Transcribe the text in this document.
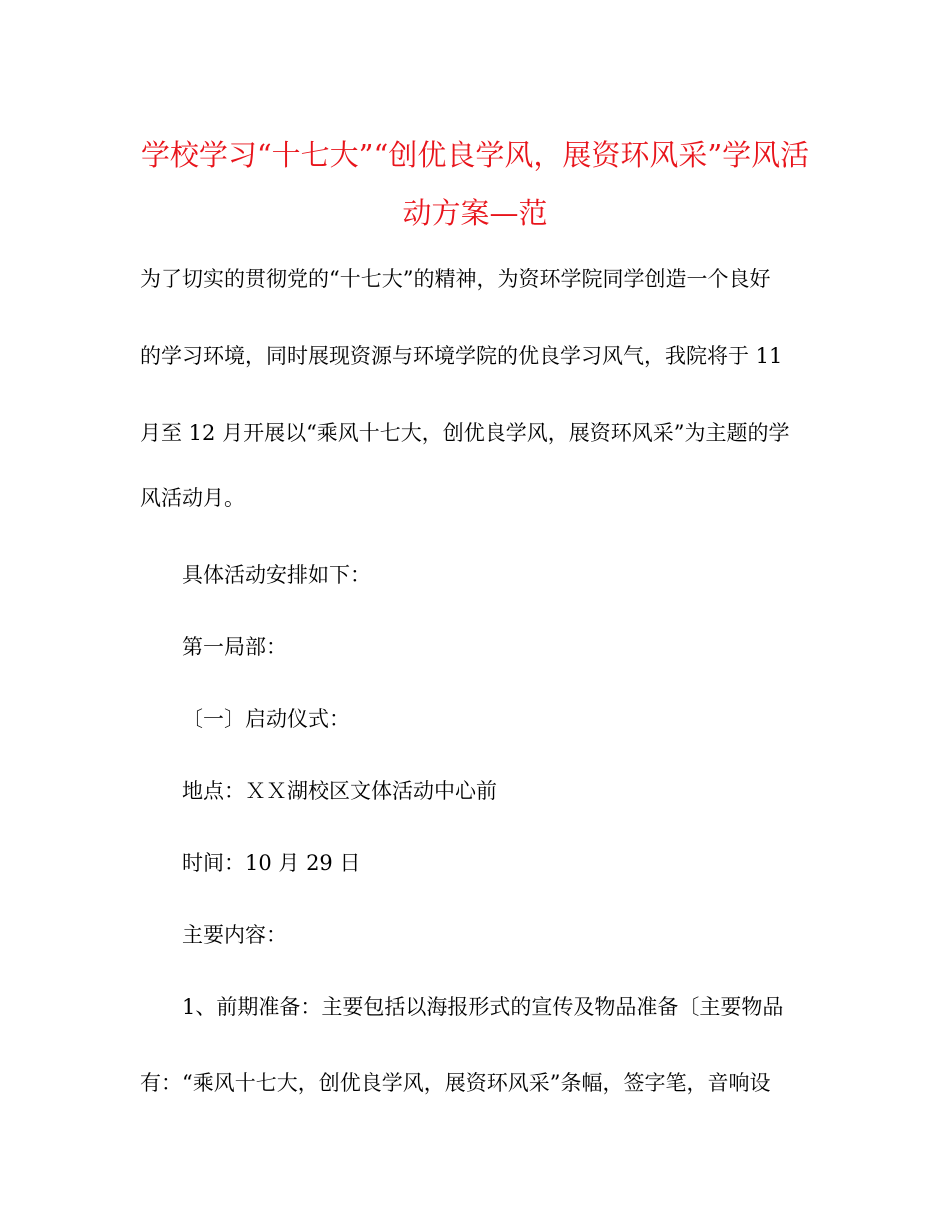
学校学习“十七大”“创优良学风，展资环风采”学风活
动方案—范
为了切实的贯彻党的“十七大”的精神，为资环学院同学创造一个良好
的学习环境，同时展现资源与环境学院的优良学习风气，我院将于 11
月至 12 月开展以“乘风十七大，创优良学风，展资环风采”为主题的学
风活动月。
具体活动安排如下：
第一局部：
〔一〕启动仪式：
地点：ＸＸ湖校区文体活动中心前
时间：10 月 29 日
主要内容：
1、前期准备：主要包括以海报形式的宣传及物品准备〔主要物品
有：“乘风十七大，创优良学风，展资环风采”条幅，签字笔，音响设
